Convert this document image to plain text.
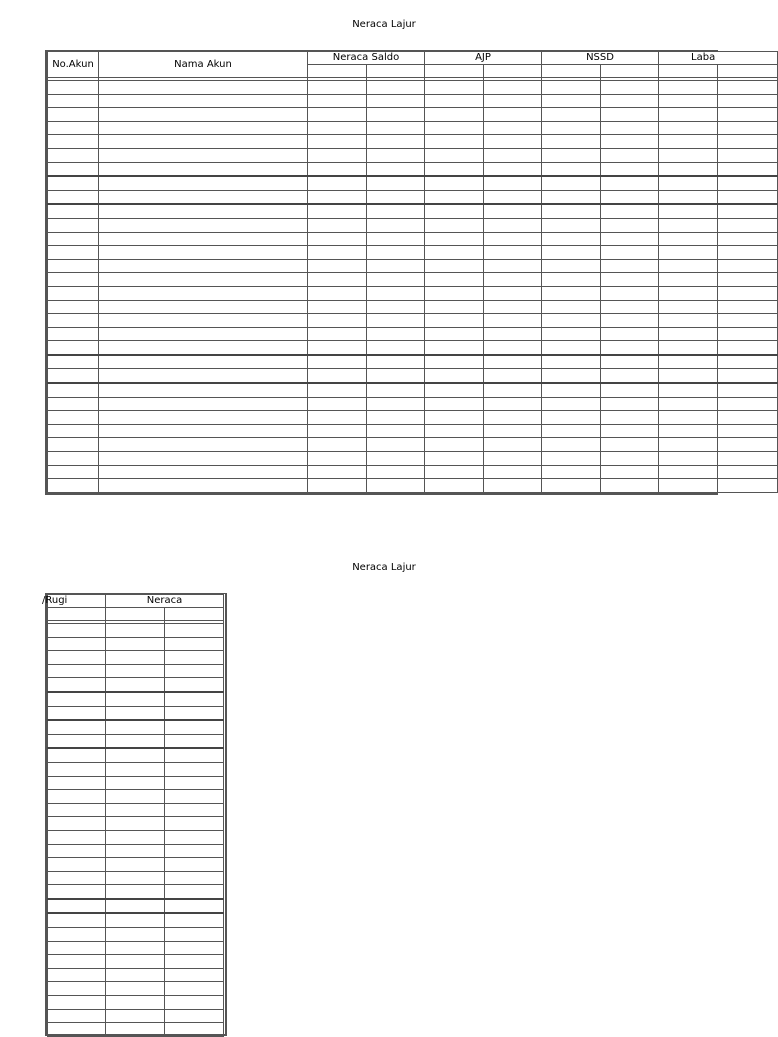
Neraca Lajur
No.Akun	Nama Akun	Neraca Saldo		AJP		NSSD		Laba	

Neraca Lajur
/Rugi	Neraca	
